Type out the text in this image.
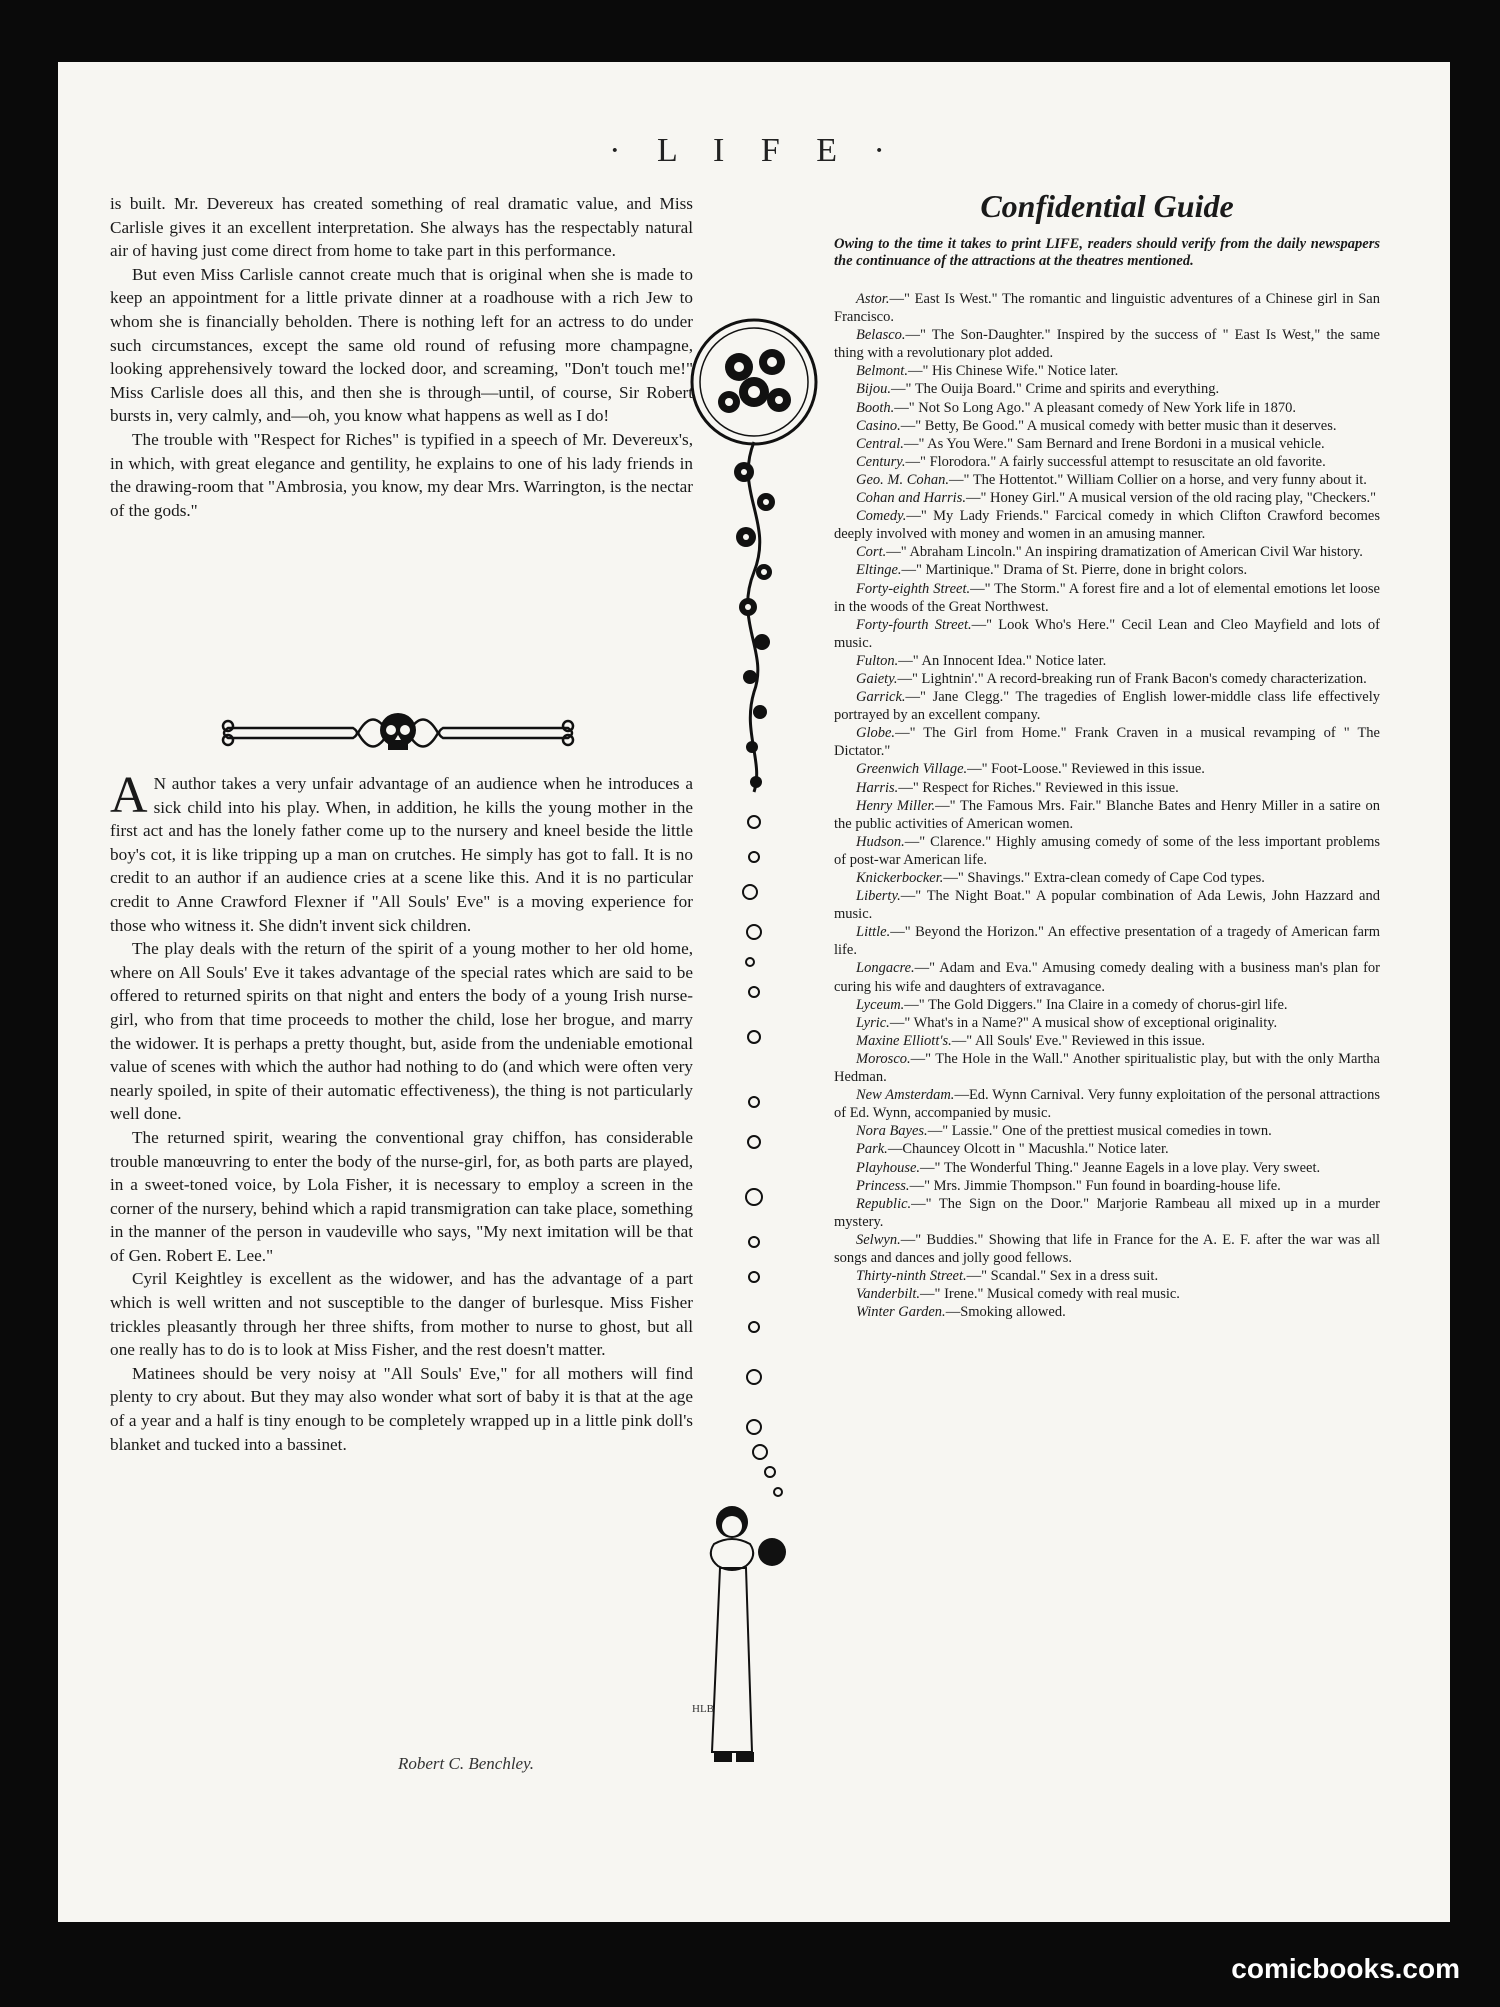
· L I F E ·

is built. Mr. Devereux has created something of real dramatic value, and Miss Carlisle gives it an excellent interpretation. She always has the respectably natural air of having just come direct from home to take part in this performance.

But even Miss Carlisle cannot create much that is original when she is made to keep an appointment for a little private dinner at a roadhouse with a rich Jew to whom she is financially beholden. There is nothing left for an actress to do under such circumstances, except the same old round of refusing more champagne, looking apprehensively toward the locked door, and screaming, "Don't touch me!" Miss Carlisle does all this, and then she is through—until, of course, Sir Robert bursts in, very calmly, and—oh, you know what happens as well as I do!

The trouble with "Respect for Riches" is typified in a speech of Mr. Devereux's, in which, with great elegance and gentility, he explains to one of his lady friends in the drawing-room that "Ambrosia, you know, my dear Mrs. Warrington, is the nectar of the gods."

A N author takes a very unfair advantage of an audience when he introduces a sick child into his play. When, in addition, he kills the young mother in the first act and has the lonely father come up to the nursery and kneel beside the little boy's cot, it is like tripping up a man on crutches. He simply has got to fall. It is no credit to an author if an audience cries at a scene like this. And it is no particular credit to Anne Crawford Flexner if "All Souls' Eve" is a moving experience for those who witness it. She didn't invent sick children.

The play deals with the return of the spirit of a young mother to her old home, where on All Souls' Eve it takes advantage of the special rates which are said to be offered to returned spirits on that night and enters the body of a young Irish nurse-girl, who from that time proceeds to mother the child, lose her brogue, and marry the widower. It is perhaps a pretty thought, but, aside from the undeniable emotional value of scenes with which the author had nothing to do (and which were often very nearly spoiled, in spite of their automatic effectiveness), the thing is not particularly well done.

The returned spirit, wearing the conventional gray chiffon, has considerable trouble manœuvring to enter the body of the nurse-girl, for, as both parts are played, in a sweet-toned voice, by Lola Fisher, it is necessary to employ a screen in the corner of the nursery, behind which a rapid transmigration can take place, something in the manner of the person in vaudeville who says, "My next imitation will be that of Gen. Robert E. Lee."

Cyril Keightley is excellent as the widower, and has the advantage of a part which is well written and not susceptible to the danger of burlesque. Miss Fisher trickles pleasantly through her three shifts, from mother to nurse to ghost, but all one really has to do is to look at Miss Fisher, and the rest doesn't matter.

Matinees should be very noisy at "All Souls' Eve," for all mothers will find plenty to cry about. But they may also wonder what sort of baby it is that at the age of a year and a half is tiny enough to be completely wrapped up in a little pink doll's blanket and tucked into a bassinet.

Robert C. Benchley.
HLB
Confidential Guide
Owing to the time it takes to print LIFE, readers should verify from the daily newspapers the continuance of the attractions at the theatres mentioned.

Astor.—" East Is West." The romantic and linguistic adventures of a Chinese girl in San Francisco.

Belasco.—" The Son-Daughter." Inspired by the success of " East Is West," the same thing with a revolutionary plot added.

Belmont.—" His Chinese Wife." Notice later.

Bijou.—" The Ouija Board." Crime and spirits and everything.

Booth.—" Not So Long Ago." A pleasant comedy of New York life in 1870.

Casino.—" Betty, Be Good." A musical comedy with better music than it deserves.

Central.—" As You Were." Sam Bernard and Irene Bordoni in a musical vehicle.

Century.—" Florodora." A fairly successful attempt to resuscitate an old favorite.

Geo. M. Cohan.—" The Hottentot." William Collier on a horse, and very funny about it.

Cohan and Harris.—" Honey Girl." A musical version of the old racing play, "Checkers."

Comedy.—" My Lady Friends." Farcical comedy in which Clifton Crawford becomes deeply involved with money and women in an amusing manner.

Cort.—" Abraham Lincoln." An inspiring dramatization of American Civil War history.

Eltinge.—" Martinique." Drama of St. Pierre, done in bright colors.

Forty-eighth Street.—" The Storm." A forest fire and a lot of elemental emotions let loose in the woods of the Great Northwest.

Forty-fourth Street.—" Look Who's Here." Cecil Lean and Cleo Mayfield and lots of music.

Fulton.—" An Innocent Idea." Notice later.

Gaiety.—" Lightnin'." A record-breaking run of Frank Bacon's comedy characterization.

Garrick.—" Jane Clegg." The tragedies of English lower-middle class life effectively portrayed by an excellent company.

Globe.—" The Girl from Home." Frank Craven in a musical revamping of " The Dictator."

Greenwich Village.—" Foot-Loose." Reviewed in this issue.

Harris.—" Respect for Riches." Reviewed in this issue.

Henry Miller.—" The Famous Mrs. Fair." Blanche Bates and Henry Miller in a satire on the public activities of American women.

Hudson.—" Clarence." Highly amusing comedy of some of the less important problems of post-war American life.

Knickerbocker.—" Shavings." Extra-clean comedy of Cape Cod types.

Liberty.—" The Night Boat." A popular combination of Ada Lewis, John Hazzard and music.

Little.—" Beyond the Horizon." An effective presentation of a tragedy of American farm life.

Longacre.—" Adam and Eva." Amusing comedy dealing with a business man's plan for curing his wife and daughters of extravagance.

Lyceum.—" The Gold Diggers." Ina Claire in a comedy of chorus-girl life.

Lyric.—" What's in a Name?" A musical show of exceptional originality.

Maxine Elliott's.—" All Souls' Eve." Reviewed in this issue.

Morosco.—" The Hole in the Wall." Another spiritualistic play, but with the only Martha Hedman.

New Amsterdam.—Ed. Wynn Carnival. Very funny exploitation of the personal attractions of Ed. Wynn, accompanied by music.

Nora Bayes.—" Lassie." One of the prettiest musical comedies in town.

Park.—Chauncey Olcott in " Macushla." Notice later.

Playhouse.—" The Wonderful Thing." Jeanne Eagels in a love play. Very sweet.

Princess.—" Mrs. Jimmie Thompson." Fun found in boarding-house life.

Republic.—" The Sign on the Door." Marjorie Rambeau all mixed up in a murder mystery.

Selwyn.—" Buddies." Showing that life in France for the A. E. F. after the war was all songs and dances and jolly good fellows.

Thirty-ninth Street.—" Scandal." Sex in a dress suit.

Vanderbilt.—" Irene." Musical comedy with real music.

Winter Garden.—Smoking allowed.

comicbooks.com
